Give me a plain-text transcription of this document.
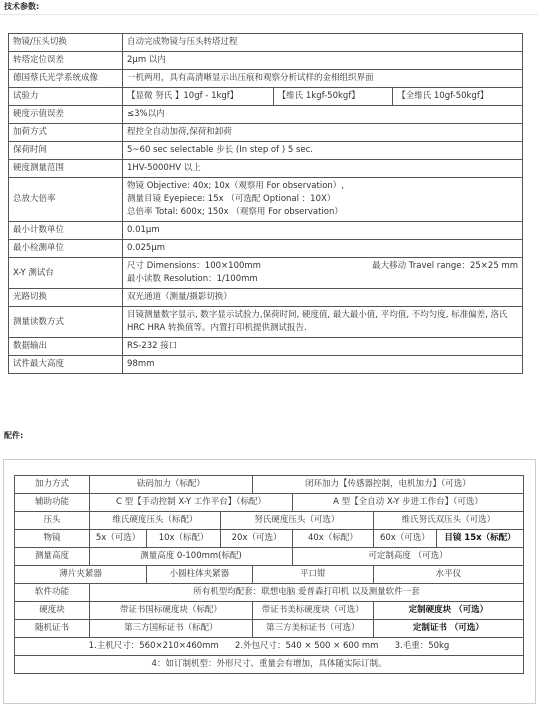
技术参数:
物镜/压头切换	自动完成物镜与压头转塔过程		
转塔定位误差	2μm 以内		
德国蔡氏光学系统成像	一机两用，具有高清晰显示出压痕和观察分析试样的金相组织界面		
试验力	【显微 努氏 】10gf - 1kgf】	【维氏 1kgf-50kgf】	【全维氏 10gf-50kgf】
硬度示值误差	≤3%以内		
加荷方式	程控全自动加荷,保荷和卸荷		
保荷时间	5~60 sec selectable 步长 (In step of ) 5 sec.		
硬度测量范围	1HV-5000HV 以上		
总放大倍率	物镜 Objective: 40x; 10x（观察用 For observation）,
测量目镜 Eyepiece: 15x （可选配 Optional ：10X）
总倍率 Total: 600x; 150x （观察用 For observation）		

最小计数单位	0.01μm		
最小检测单位	0.025μm		
X-Y 测试台	尺寸 Dimensions：100×100mm 最大移动 Travel range：25×25 mm
最小读数 Resolution：1/100mm		

光路切换	双光通道（测量/摄影切换）		
测量读数方式	目镜测量数字显示, 数字显示试验力,保荷时间, 硬度值, 最大最小值, 平均值, 不均匀度, 标准偏差, 洛氏 HRC HRA 转换值等。内置打印机提供测试报告.		
数据输出	RS-232 接口		
试件最大高度	98mm		
配件:
加力方式	砝码加力（标配）			闭环加力【传感器控制，电机加力】（可选）			
辅助功能	C 型【手动控制 X-Y 工作平台】（标配）				A 型【全自动 X-Y 步进工作台】（可选）		
压头	维氏硬度压头（标配）		努氏硬度压头（可选）			维氏努氏双压头（可选）	
物镜	5x（可选）	10x（标配）	20x（可选）		40x（标配）	60x（可选）	目镜 15x（标配）
测量高度	测量高度 0-100mm(标配)				可定制高度 （可选）		
薄片夹紧器		小圆柱体夹紧器		平口钳		水平仪	
软件功能	所有机型均配套：联想电脑 爱普森打印机 以及测量软件一套						
硬度块	带证书国标硬度块（标配）			带证书美标硬度块（可选）		定制硬度块 （可选）	
随机证书	第三方国标证书（标配）			第三方美标证书（可选）		定制证书 （可选）	
1.主机尺寸：560×210×460mm 2.外包尺寸：540 × 500 × 600 mm 3.毛重：50kg							
4：如订制机型：外形尺寸、重量会有增加，具体随实际订制。							
